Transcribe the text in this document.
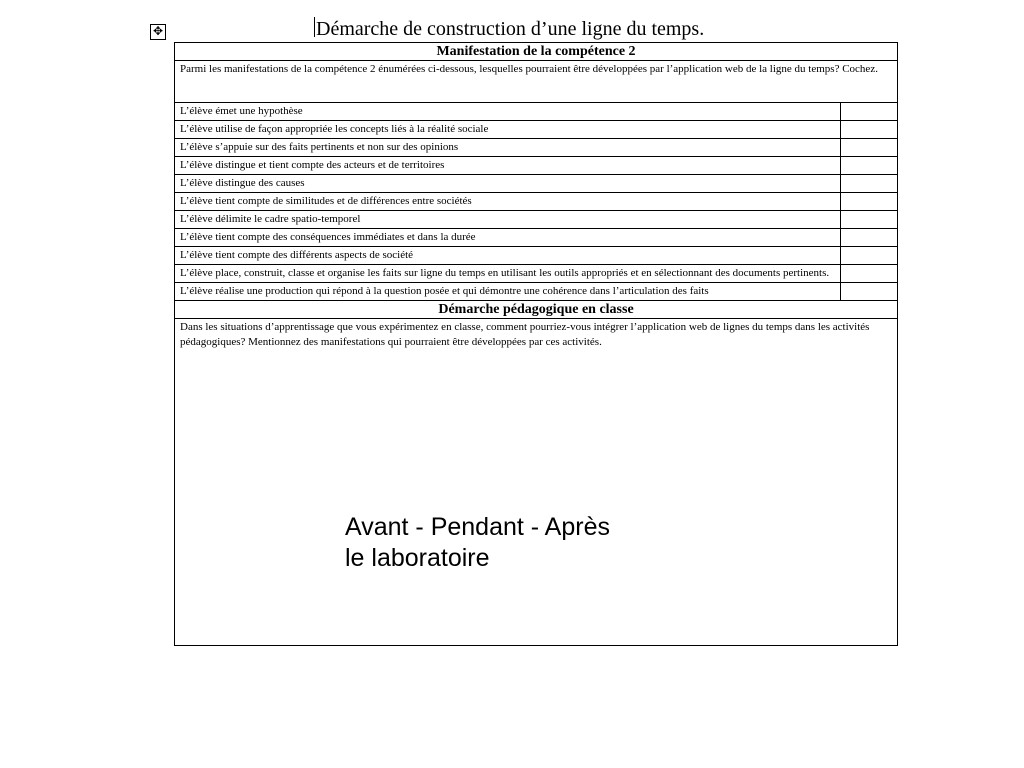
✥	Démarche de construction d’une ligne du temps.
Manifestation de la compétence 2	
Parmi les manifestations de la compétence 2 énumérées ci-dessous, lesquelles pourraient être développées par l’application web de la ligne du temps? Cochez.	
L’élève émet une hypothèse	
L’élève utilise de façon appropriée les concepts liés à la réalité sociale	
L’élève s’appuie sur des faits pertinents et non sur des opinions	
L’élève distingue et tient compte des acteurs et de territoires	
L’élève distingue des causes	
L’élève tient compte de similitudes et de différences entre sociétés	
L’élève délimite le cadre spatio-temporel	
L’élève tient compte des conséquences immédiates et dans la durée	
L’élève tient compte des différents aspects de société	
L’élève place, construit, classe et organise les faits sur ligne du temps en utilisant les outils appropriés et en sélectionnant des documents pertinents.	
L’élève réalise une production qui répond à la question posée et qui démontre une cohérence dans l’articulation des faits	
Démarche pédagogique en classe	
Dans les situations d’apprentissage que vous expérimentez en classe, comment pourriez-vous intégrer l’application web de lignes du temps dans les activités pédagogiques? Mentionnez des manifestations qui pourraient être développées par ces activités.	
Avant - Pendant - Après
le laboratoire
